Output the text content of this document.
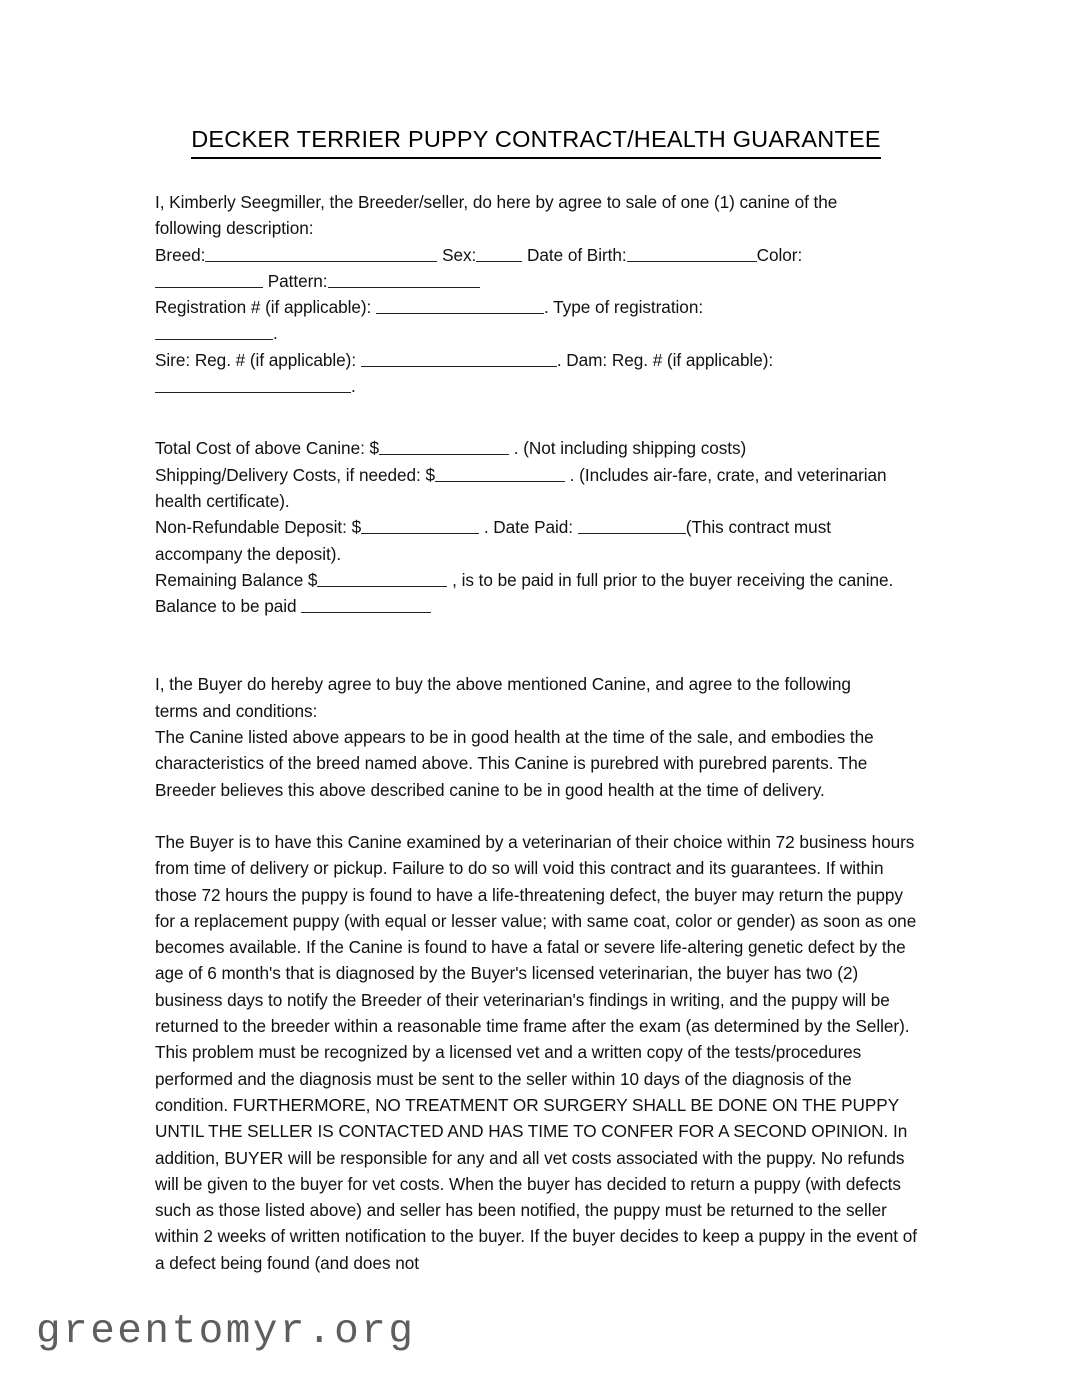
DECKER TERRIER PUPPY CONTRACT/HEALTH GUARANTEE

I, Kimberly Seegmiller, the Breeder/seller, do here by agree to sale of one (1) canine of the
following description:
Breed:	Sex:	Date of Birth:	Color:
Pattern:
Registration # (if applicable):	. Type of registration:
.
Sire: Reg. # (if applicable):	. Dam: Reg. # (if applicable):
.

Total Cost of above Canine: $	. (Not including shipping costs)
Shipping/Delivery Costs, if needed: $	. (Includes air-fare, crate, and veterinarian
health certificate).
Non-Refundable Deposit: $	. Date Paid:	(This contract must
accompany the deposit).
Remaining Balance $	, is to be paid in full prior to the buyer receiving the canine.
Balance to be paid

I, the Buyer do hereby agree to buy the above mentioned Canine, and agree to the following
terms and conditions:
The Canine listed above appears to be in good health at the time of the sale, and embodies the characteristics of the breed named above. This Canine is purebred with purebred parents. The Breeder believes this above described canine to be in good health at the time of delivery.

The Buyer is to have this Canine examined by a veterinarian of their choice within 72 business hours from time of delivery or pickup. Failure to do so will void this contract and its guarantees. If within those 72 hours the puppy is found to have a life-threatening defect, the buyer may return the puppy for a replacement puppy (with equal or lesser value; with same coat, color or gender) as soon as one becomes available. If the Canine is found to have a fatal or severe life-altering genetic defect by the age of 6 month's that is diagnosed by the Buyer's licensed veterinarian, the buyer has two (2) business days to notify the Breeder of their veterinarian's findings in writing, and the puppy will be returned to the breeder within a reasonable time frame after the exam (as determined by the Seller). This problem must be recognized by a licensed vet and a written copy of the tests/procedures performed and the diagnosis must be sent to the seller within 10 days of the diagnosis of the condition. FURTHERMORE, NO TREATMENT OR SURGERY SHALL BE DONE ON THE PUPPY UNTIL THE SELLER IS CONTACTED AND HAS TIME TO CONFER FOR A SECOND OPINION. In addition, BUYER will be responsible for any and all vet costs associated with the puppy. No refunds will be given to the buyer for vet costs. When the buyer has decided to return a puppy (with defects such as those listed above) and seller has been notified, the puppy must be returned to the seller within 2 weeks of written notification to the buyer. If the buyer decides to keep a puppy in the event of a defect being found (and does not

greentomyr.org
